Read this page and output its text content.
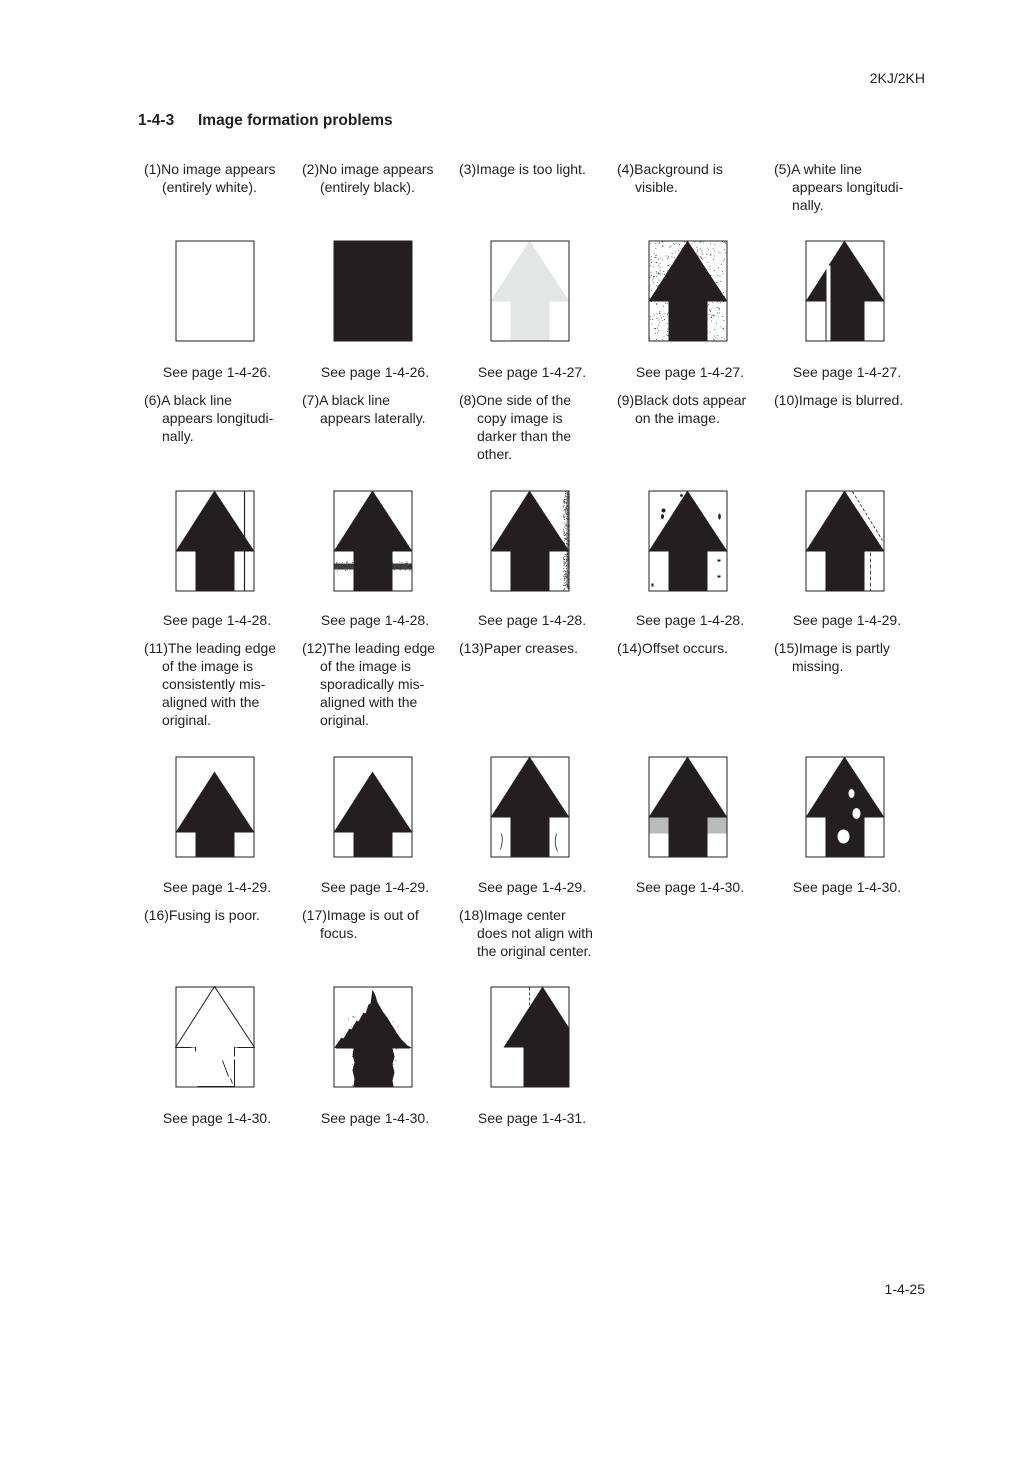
2KJ/2KH
1-4-3 Image formation problems
(1)No image appears
(entirely white).
See page 1-4-26.
(2)No image appears
(entirely black).
See page 1-4-26.
(3)Image is too light.
See page 1-4-27.
(4)Background is
visible.
See page 1-4-27.
(5)A white line
appears longitudi-
nally.
See page 1-4-27.
(6)A black line
appears longitudi-
nally.
See page 1-4-28.
(7)A black line
appears laterally.
See page 1-4-28.
(8)One side of the
copy image is
darker than the
other.
See page 1-4-28.
(9)Black dots appear
on the image.
See page 1-4-28.
(10)Image is blurred.
See page 1-4-29.
(11)The leading edge
of the image is
consistently mis-
aligned with the
original.
See page 1-4-29.
(12)The leading edge
of the image is
sporadically mis-
aligned with the
original.
See page 1-4-29.
(13)Paper creases.
See page 1-4-29.
(14)Offset occurs.
See page 1-4-30.
(15)Image is partly
missing.
See page 1-4-30.
(16)Fusing is poor.
See page 1-4-30.
(17)Image is out of
focus.
See page 1-4-30.
(18)Image center
does not align with
the original center.
See page 1-4-31.
1-4-25
